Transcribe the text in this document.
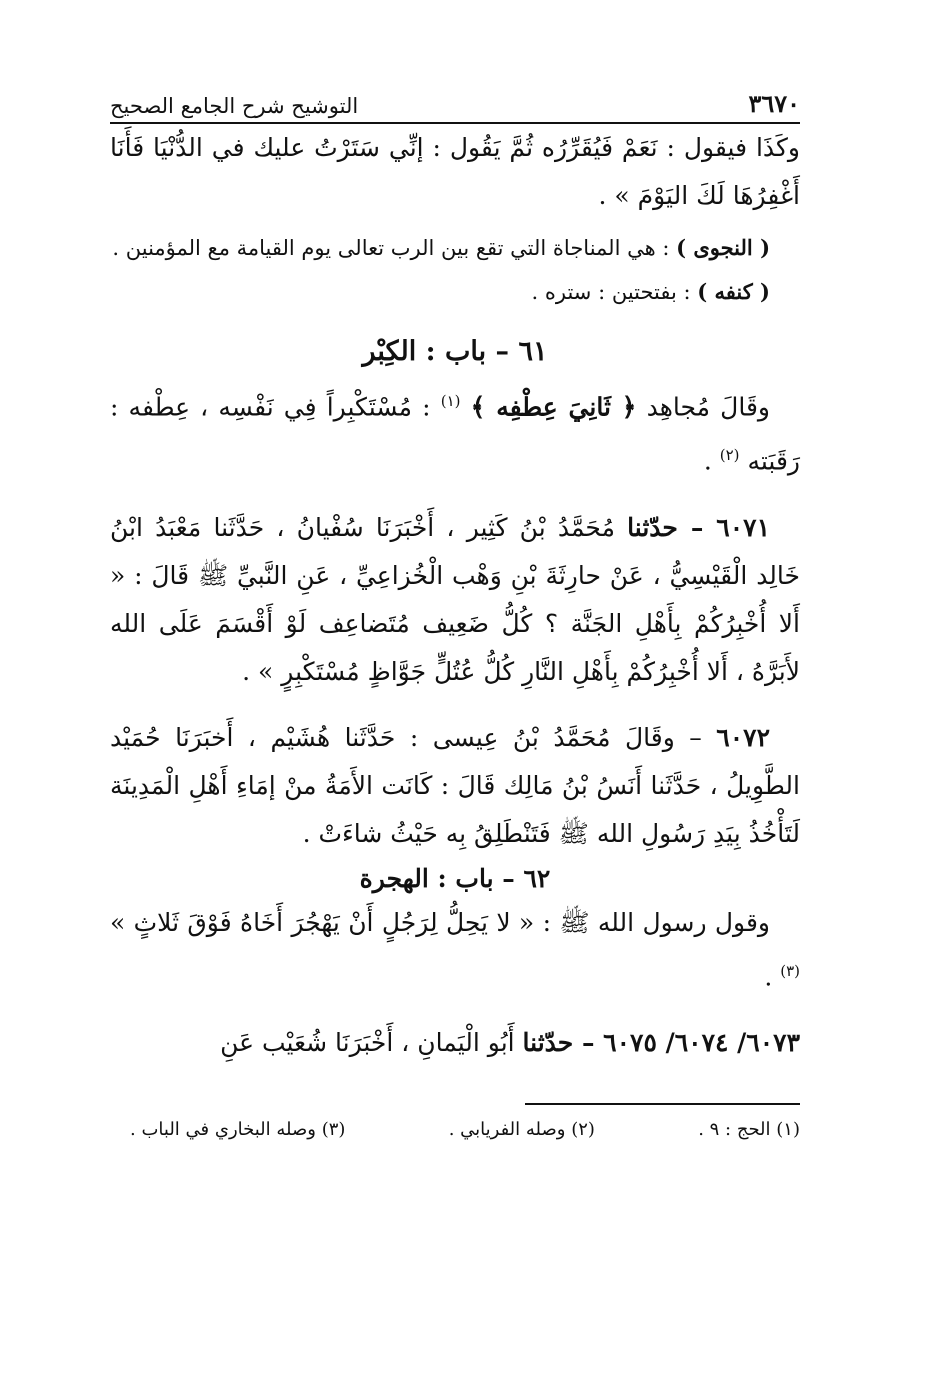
٣٦٧٠
التوشيح شرح الجامع الصحيح

وكَذَا فيقول : نَعَمْ فَيُقَرِّرُه ثُمَّ يَقُول : إنِّي سَتَرْتُ عليك في الدُّنْيَا فَأَنَا أَغْفِرُهَا لَكَ اليَوْمَ » .

( النجوى ) : هي المناجاة التي تقع بين الرب تعالى يوم القيامة مع المؤمنين .

( كنفه ) : بفتحتين : ستره .

٦١ – باب : الكِبْر

وقَالَ مُجاهِد ﴿ ثَانِيَ عِطْفِه ﴾ $^{(١)}$ : مُسْتَكْبِراً فِي نَفْسِه ، عِطْفه : رَقَبَته $^{(٢)}$ .

٦٠٧١ – حدّثنا مُحَمَّدُ بْنُ كَثِير ، أَخْبَرَنَا سُفْيانُ ، حَدَّثَنا مَعْبَدُ ابْنُ خَالِد الْقَيْسِيُّ ، عَنْ حارِثَةَ بْنِ وَهْب الْخُزاعِيِّ ، عَنِ النَّبيِّ ﷺ قَالَ : « أَلا أُخْبِرُكُمْ بِأَهْلِ الجَنَّة ؟ كُلُّ ضَعِيف مُتَضاعِف لَوْ أَقْسَمَ عَلَى الله لأَبَرَّهُ ، أَلا أُخْبِرُكُمْ بِأَهْلِ النَّارِ كُلُّ عُتُلٍّ جَوَّاظٍ مُسْتَكْبِرٍ » .

٦٠٧٢ – وقَالَ مُحَمَّدُ بْنُ عِيسى : حَدَّثَنا هُشَيْم ، أَخبَرَنَا حُمَيْد الطَّوِيلُ ، حَدَّثَنا أَنَسُ بْنُ مَالِك قَالَ : كَانَت الأَمَةُ منْ إمَاءِ أَهْلِ الْمَدِينَة لَتَأْخُذُ بِيَدِ رَسُولِ الله ﷺ فَتَنْطَلِقُ بِه حَيْثُ شاءَتْ .

٦٢ – باب : الهجرة

وقول رسول الله ﷺ : « لا يَحِلُّ لِرَجُلٍ أَنْ يَهْجُرَ أَخَاهُ فَوْقَ ثَلاثٍ » $^{(٣)}$ .

٦٠٧٣/ ٦٠٧٤/ ٦٠٧٥ – حدّثنا أَبُو الْيَمانِ ، أَخْبَرَنَا شُعَيْب عَنِ

(١) الحج : ٩ .
(٢) وصله الفريابي .
(٣) وصله البخاري في الباب .
